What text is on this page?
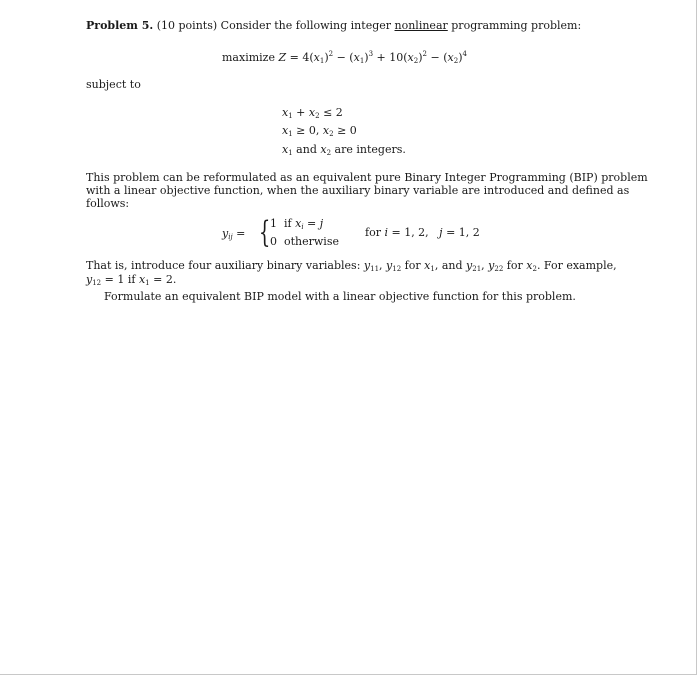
Problem 5. (10 points) Consider the following integer nonlinear programming problem:
maximize $Z = 4(x_1)^2 - (x_1)^3 + 10(x_2)^2 - (x_2)^4$
subject to
$x_1 + x_2 \le 2$
$x_1 \ge 0$, $x_2 \ge 0$
$x_1$ and $x_2$ are integers.
This problem can be reformulated as an equivalent pure Binary Integer Programming (BIP) problem
with a linear objective function, when the auxiliary binary variable are introduced and defined as
follows:
$y_{ij}$ = { 1 if $x_i = j$
0 otherwise
for i = 1, 2,   j = 1, 2
That is, introduce four auxiliary binary variables: $y_{11}$, $y_{12}$ for $x_1$, and $y_{21}$, $y_{22}$ for $x_2$. For example,
$y_{12} = 1$ if $x_1 = 2$.
Formulate an equivalent BIP model with a linear objective function for this problem.
